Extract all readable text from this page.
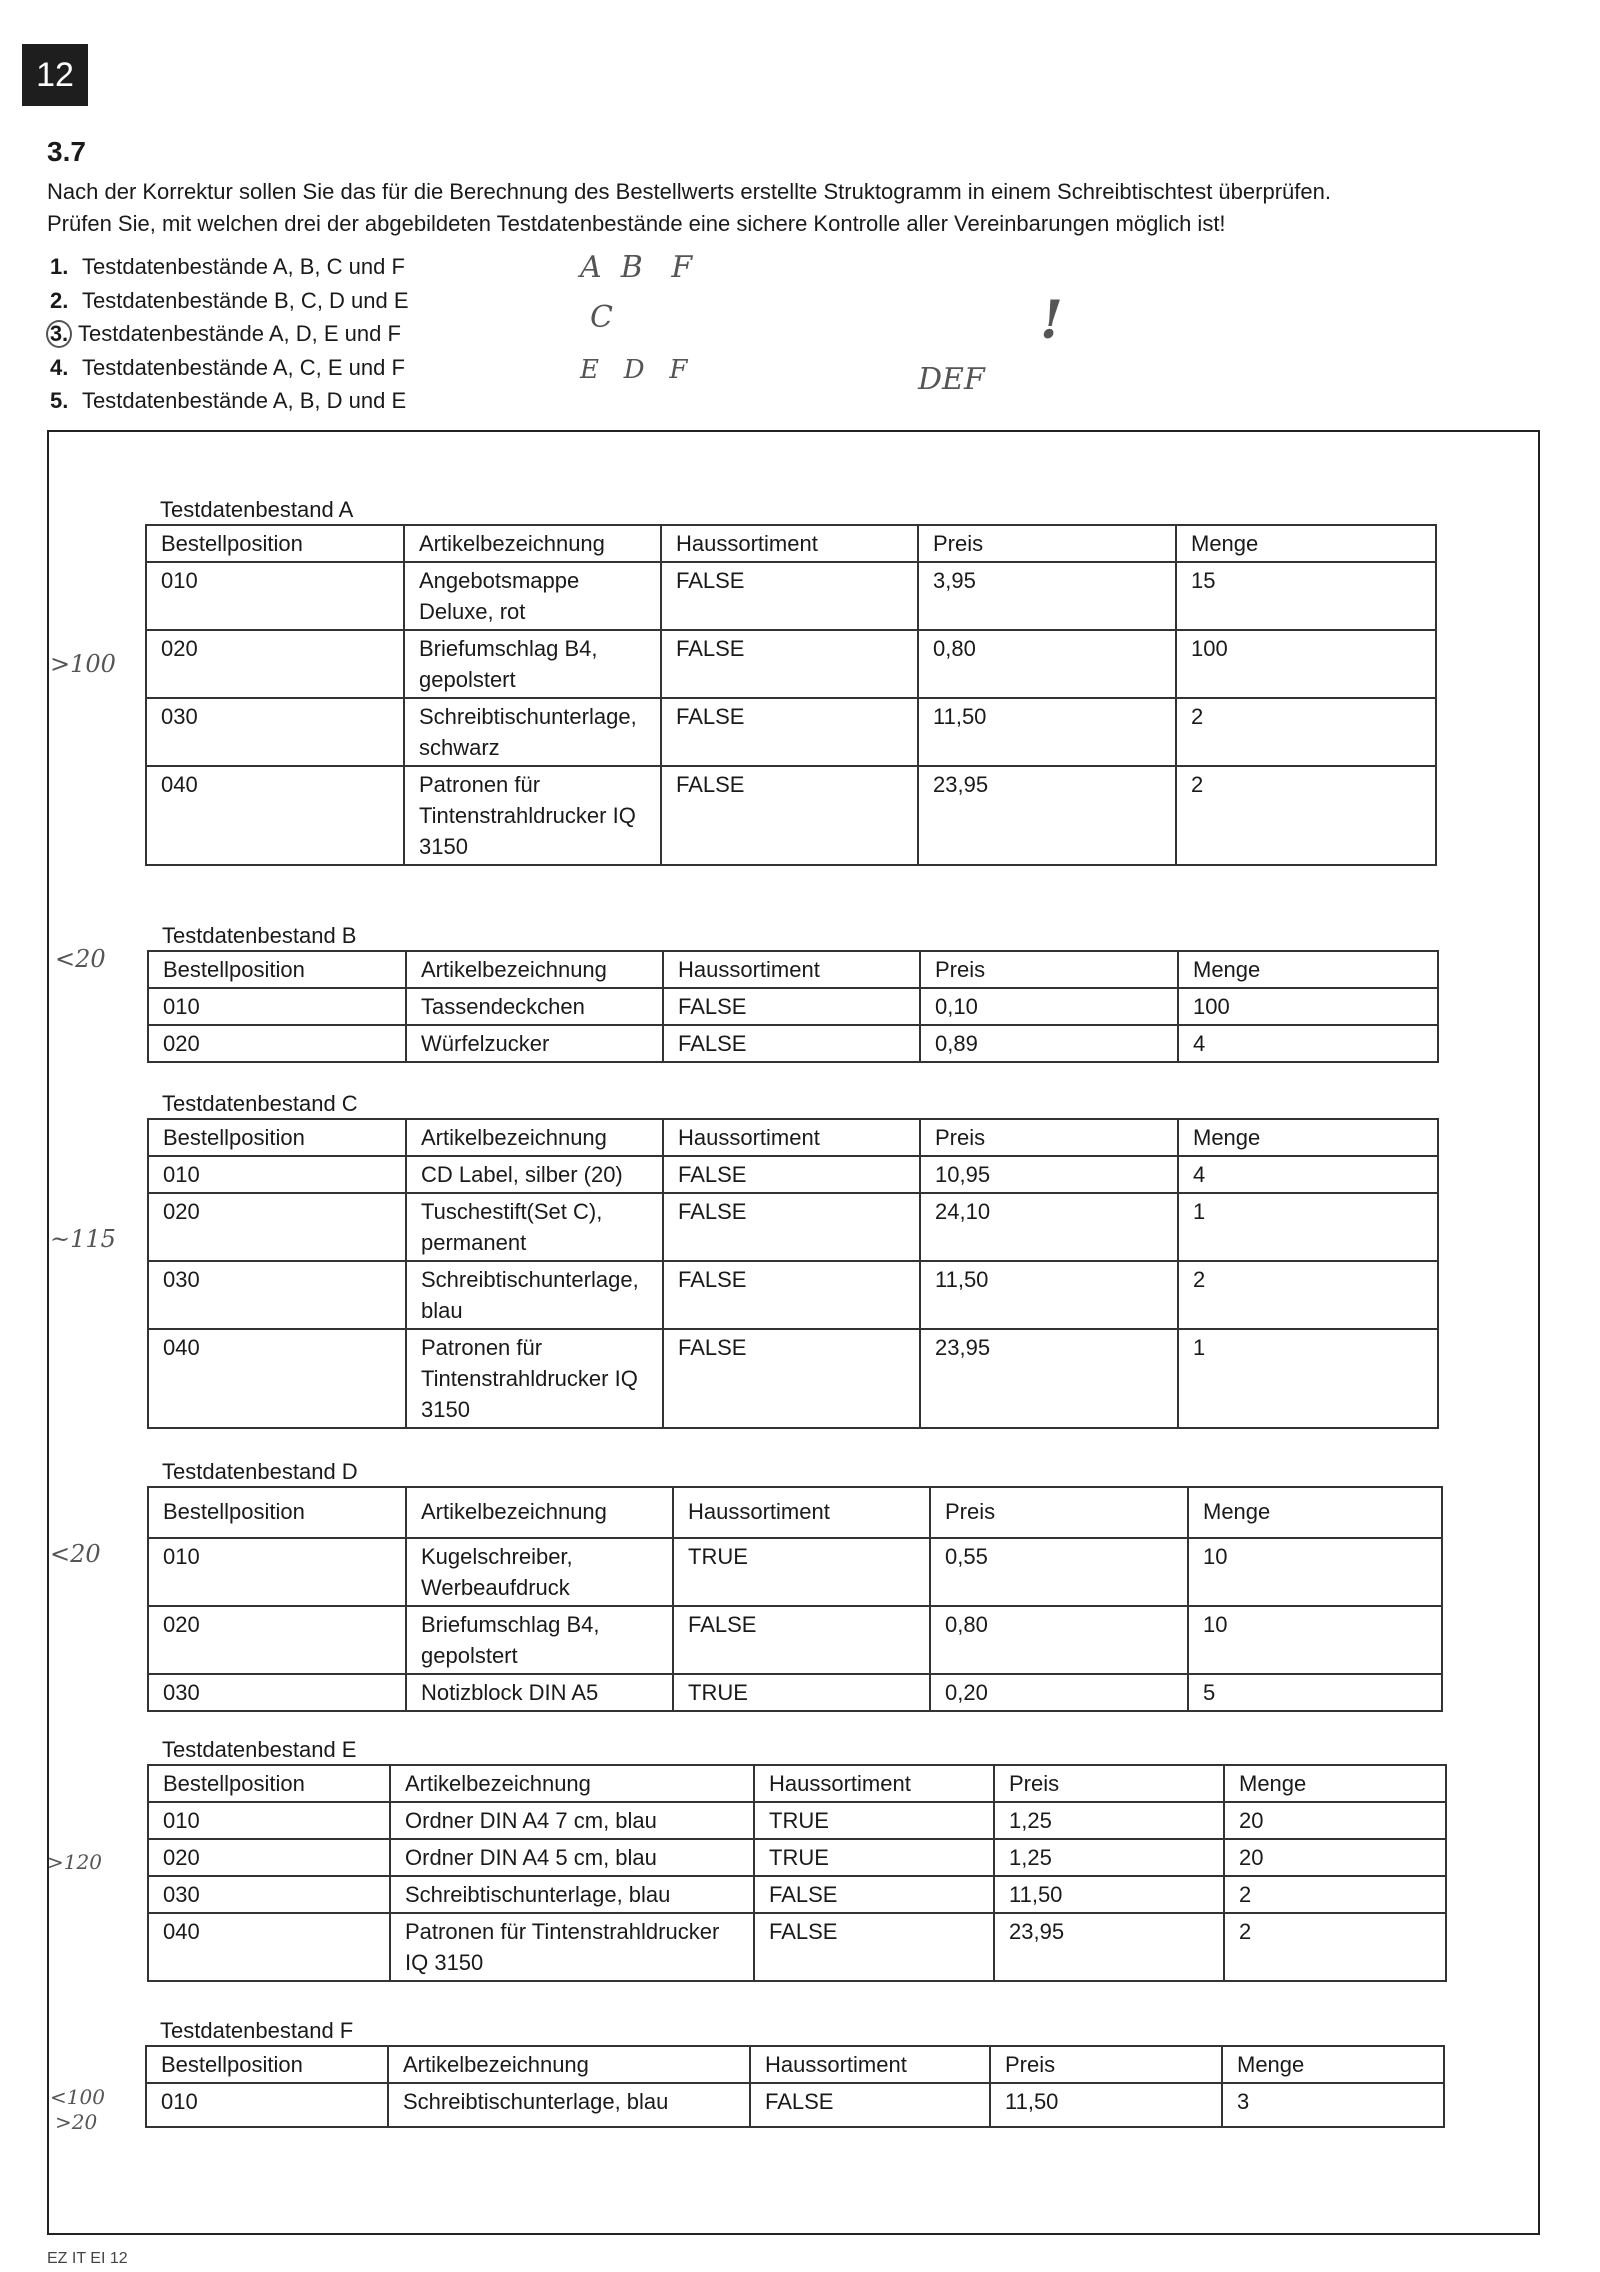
12
3.7
Nach der Korrektur sollen Sie das für die Berechnung des Bestellwerts erstellte Struktogramm in einem Schreibtischtest überprüfen.
Prüfen Sie, mit welchen drei der abgebildeten Testdatenbestände eine sichere Kontrolle aller Vereinbarungen möglich ist!
1. Testdatenbestände A, B, C und F
2. Testdatenbestände B, C, D und E
3. Testdatenbestände A, D, E und F
4. Testdatenbestände A, C, E und F
5. Testdatenbestände A, B, D und E
A  B   F
C
E   D   F	DEF
!
>100
<20
~115
<20
>120
<100
>20
Testdatenbestand A
Bestellposition	Artikelbezeichnung	Haussortiment	Preis	Menge
010	Angebotsmappe Deluxe, rot	FALSE	3,95	15
020	Briefumschlag B4, gepolstert	FALSE	0,80	100
030	Schreibtischunterlage, schwarz	FALSE	11,50	2
040	Patronen für Tintenstrahldrucker IQ 3150	FALSE	23,95	2
Testdatenbestand B
Bestellposition	Artikelbezeichnung	Haussortiment	Preis	Menge
010	Tassendeckchen	FALSE	0,10	100
020	Würfelzucker	FALSE	0,89	4
Testdatenbestand C
Bestellposition	Artikelbezeichnung	Haussortiment	Preis	Menge
010	CD Label, silber (20)	FALSE	10,95	4
020	Tuschestift(Set C), permanent	FALSE	24,10	1
030	Schreibtischunterlage, blau	FALSE	11,50	2
040	Patronen für Tintenstrahldrucker IQ 3150	FALSE	23,95	1
Testdatenbestand D
Bestellposition	Artikelbezeichnung	Haussortiment	Preis	Menge
010	Kugelschreiber, Werbeaufdruck	TRUE	0,55	10
020	Briefumschlag B4, gepolstert	FALSE	0,80	10
030	Notizblock DIN A5	TRUE	0,20	5
Testdatenbestand E
Bestellposition	Artikelbezeichnung	Haussortiment	Preis	Menge
010	Ordner DIN A4 7 cm, blau	TRUE	1,25	20
020	Ordner DIN A4 5 cm, blau	TRUE	1,25	20
030	Schreibtischunterlage, blau	FALSE	11,50	2
040	Patronen für Tintenstrahldrucker IQ 3150	FALSE	23,95	2
Testdatenbestand F
Bestellposition	Artikelbezeichnung	Haussortiment	Preis	Menge
010	Schreibtischunterlage, blau	FALSE	11,50	3
EZ IT EI 12
